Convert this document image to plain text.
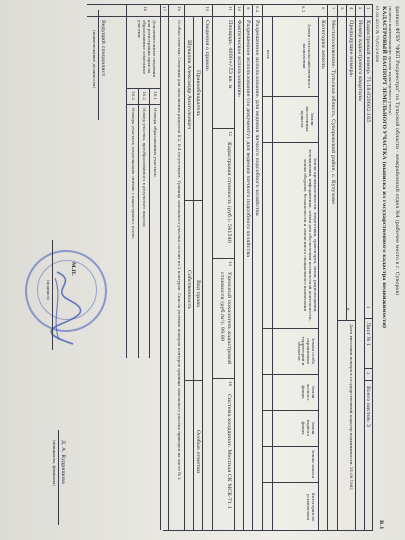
филиал ФГБУ "ФКП Росреестра" по Тульской области - межрайонный отдел №4 (рабочее место в г. Суворов)
(полное наименование органа кадастрового учета)
КАДАСТРОВЫЙ ПАСПОРТ ЗЕМЕЛЬНОГО УЧАСТКА (выписка из государственного кадастра недвижимости)
01.05.2012 № 71/12-2-8590
В.1
1
Кадастровый номер: 71:18:020602:165
1
Лист № 1
3
Всего листов: 3
2
Номер кадастрового квартала:
4
Предыдущие номера:
6
Дата внесения номера в государственный кадастр недвижимости: 24.09.1992
5
7
Местоположение: Тульская область, Суворовский район, с. Кутузово
8
Категория земель:
8.1
Земли сельскохозяйственного назначения
Земли населенных пунктов
Земли промышленности, энергетики, транспорта, связи, радиовещания, телевидения, информатики, земли для обеспечения космической деятельности, земли обороны, безопасности и земли иного специального назначения
Земли особо охраняемых территорий и объектов
Земли лесного фонда
Земли водного фонда
Земли запаса
Категория не установлена
весь
8.2
Разрешенное использование: для ведения личного подсобного хозяйства
9
Разрешенное использование (по документу): для ведения личного подсобного хозяйства
10
Фактическое использование:
11
Площадь: 4000+/-53 кв. м
12
Кадастровая стоимость (руб.): 541540
13
Удельный показатель кадастровой стоимости (руб./м²): 99.89
14
Система координат: Местная СК МСК-71.1
15
Сведения о правах:
Правообладатель
Вид права
Особые отметки
Шувалов Александр Анатольевич
Собственность
16
Особые отметки: Сведения для заполнения разделов В.2, В.4 отсутствуют. Граница земельного участка состоит из 2 контуров. Список учетных номеров контуров границы земельного участка приведен на листе № 2
17
18
Дополнительные сведения для регистрации прав на образованные земельные участки:
18.1
Номера образованных участков:
18.2
Номер участка, преобразованного в результате выдела:
18.3
Номера участков, подлежащих снятию с кадастрового учета:
Ведущий специалист
(наименование должности)
М.П.
(подпись)
Д. А. Кудряшова
(инициалы, фамилия)
